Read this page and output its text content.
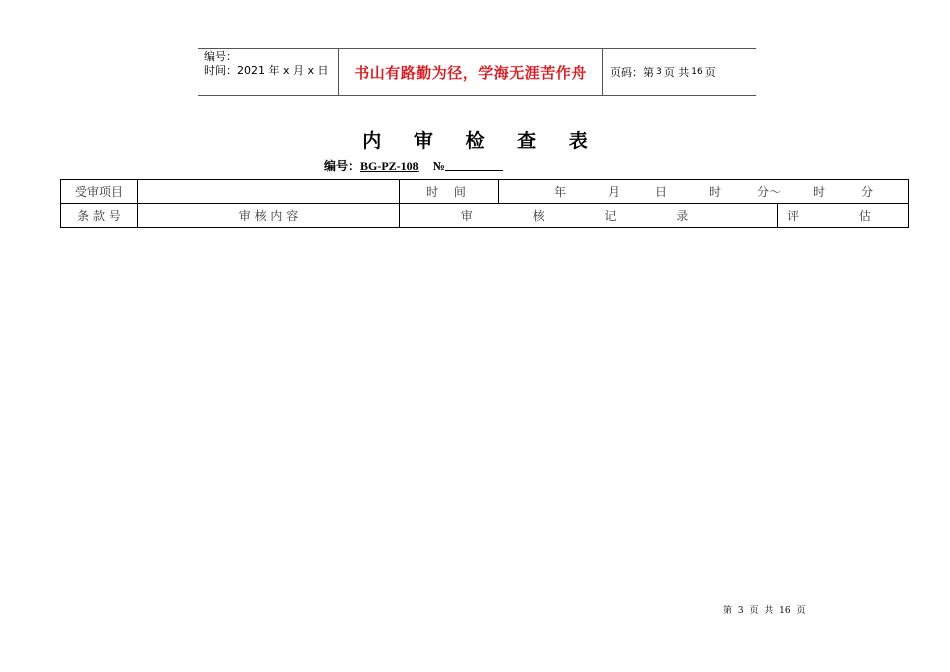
编号：
时间：2021 年 x 月 x 日	书山有路勤为径，学海无涯苦作舟	页码：第 3 页 共 16 页
内 审 检 查 表
编号：BG-PZ-108 №
受审项目		时 间	年 月 日 时 分～ 时 分	
条 款 号	审 核 内 容	审 核 记 录		评 估
第 3 页 共 16 页
